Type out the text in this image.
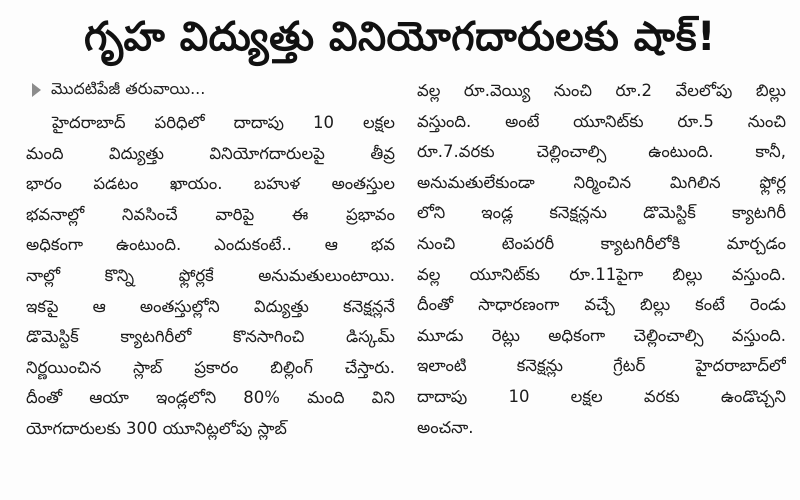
గృహ విద్యుత్తు వినియోగదారులకు షాక్!
మొదటిపేజీ తరువాయి...
హైదరాబాద్ పరిధిలో దాదాపు 10 లక్షల
మంది విద్యుత్తు వినియోగదారులపై తీవ్ర
భారం పడటం ఖాయం. బహుళ అంతస్తుల
భవనాల్లో నివసించే వారిపై ఈ ప్రభావం
అధికంగా ఉంటుంది. ఎందుకంటే.. ఆ భవ
నాల్లో కొన్ని ఫ్లోర్లకే అనుమతులుంటాయి.
ఇకపై ఆ అంతస్తుల్లోని విద్యుత్తు కనెక్షన్లనే
డొమెస్టిక్ క్యాటగిరీలో కొనసాగించి డిస్కమ్
నిర్ణయించిన స్లాబ్ ప్రకారం బిల్లింగ్ చేస్తారు.
దీంతో ఆయా ఇండ్లలోని 80% మంది విని
యోగదారులకు 300 యూనిట్లలోపు స్లాబ్
వల్ల రూ.వెయ్యి నుంచి రూ.2 వేలలోపు బిల్లు
వస్తుంది. అంటే యూనిట్‌కు రూ.5 నుంచి
రూ.7.వరకు చెల్లించాల్సి ఉంటుంది. కానీ,
అనుమతులేకుండా నిర్మించిన మిగిలిన ఫ్లోర్ల
లోని ఇండ్ల కనెక్షన్లను డొమెస్టిక్ క్యాటగిరీ
నుంచి టెంపరరీ క్యాటగిరీలోకి మార్చడం
వల్ల యూనిట్‌కు రూ.11పైగా బిల్లు వస్తుంది.
దీంతో సాధారణంగా వచ్చే బిల్లు కంటే రెండు
మూడు రెట్లు అధికంగా చెల్లించాల్సి వస్తుంది.
ఇలాంటి కనెక్షన్లు గ్రేటర్ హైదరాబాద్‌లో
దాదాపు 10 లక్షల వరకు ఉండొచ్చని
అంచనా.
